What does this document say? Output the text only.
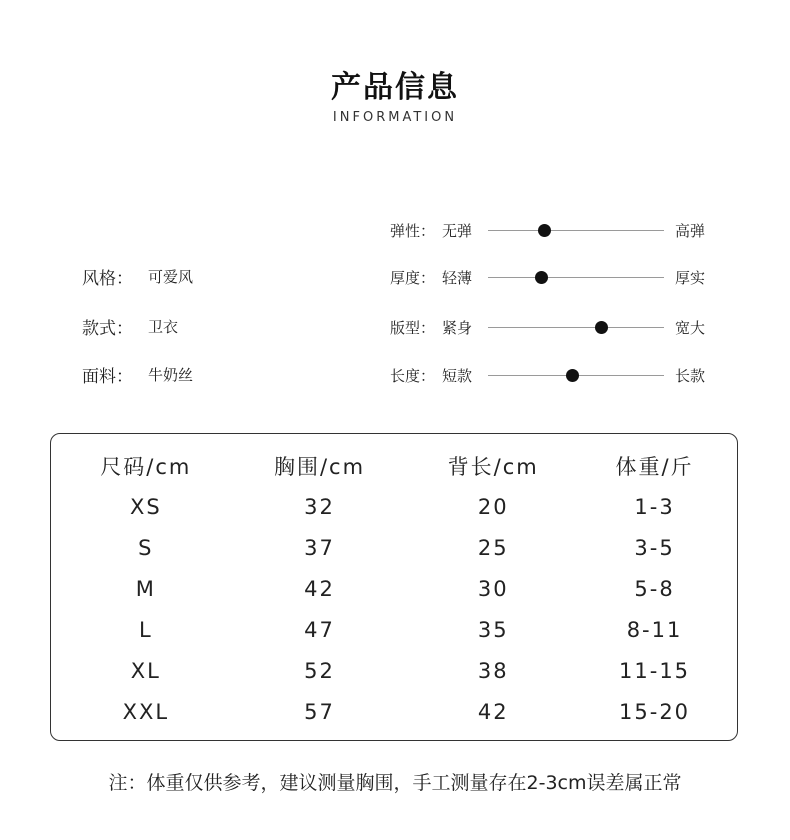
产品信息
INFORMATION
风格： 可爱风
款式： 卫衣
面料： 牛奶丝
弹性： 无弹	高弹
厚度： 轻薄	厚实
版型： 紧身	宽大
长度： 短款	长款
尺码/cm	胸围/cm	背长/cm	体重/斤
XS	32	20	1-3
S	37	25	3-5
M	42	30	5-8
L	47	35	8-11
XL	52	38	11-15
XXL	57	42	15-20
注：体重仅供参考，建议测量胸围，手工测量存在2-3cm误差属正常
